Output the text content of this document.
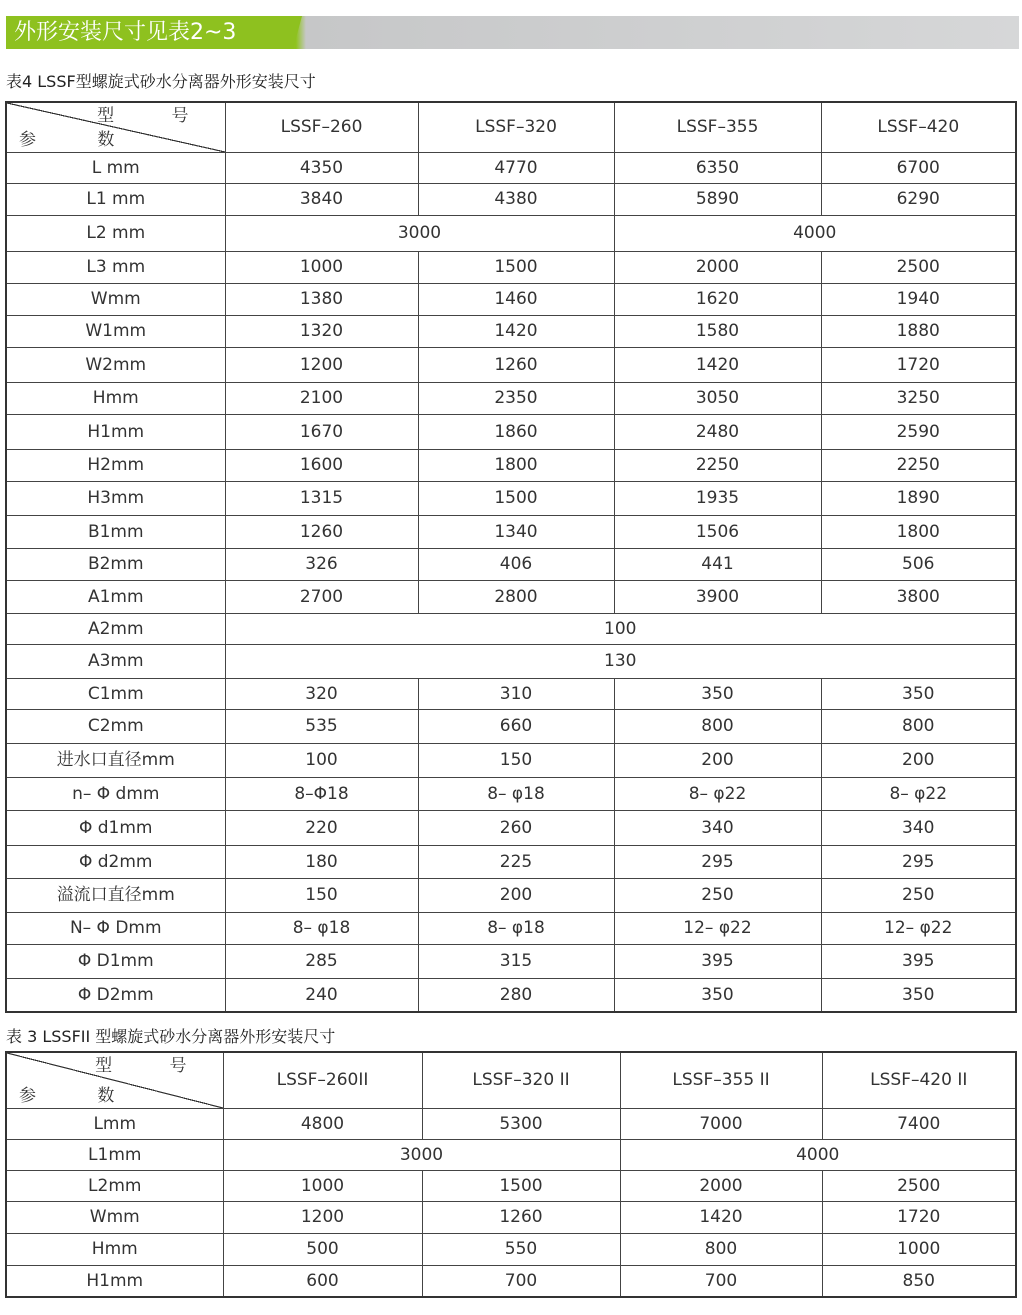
外形安装尺寸见表2~3
表4 LSSF型螺旋式砂水分离器外形安装尺寸
型 号
参 数	LSSF–260	LSSF–320	LSSF–355	LSSF–420
L mm	4350	4770	6350	6700
L1 mm	3840	4380	5890	6290
L2 mm	3000		4000	
L3 mm	1000	1500	2000	2500
Wmm	1380	1460	1620	1940
W1mm	1320	1420	1580	1880
W2mm	1200	1260	1420	1720
Hmm	2100	2350	3050	3250
H1mm	1670	1860	2480	2590
H2mm	1600	1800	2250	2250
H3mm	1315	1500	1935	1890
B1mm	1260	1340	1506	1800
B2mm	326	406	441	506
A1mm	2700	2800	3900	3800
A2mm	100			
A3mm	130			
C1mm	320	310	350	350
C2mm	535	660	800	800
进水口直径mm	100	150	200	200
n– Φ dmm	8–Φ18	8– φ18	8– φ22	8– φ22
Φ d1mm	220	260	340	340
Φ d2mm	180	225	295	295
溢流口直径mm	150	200	250	250
N– Φ Dmm	8– φ18	8– φ18	12– φ22	12– φ22
Φ D1mm	285	315	395	395
Φ D2mm	240	280	350	350
表 3 LSSFII 型螺旋式砂水分离器外形安装尺寸
型 号
参 数	LSSF–260II	LSSF–320 II	LSSF–355 II	LSSF–420 II
Lmm	4800	5300	7000	7400
L1mm	3000		4000	
L2mm	1000	1500	2000	2500
Wmm	1200	1260	1420	1720
Hmm	500	550	800	1000
H1mm	600	700	700	850
